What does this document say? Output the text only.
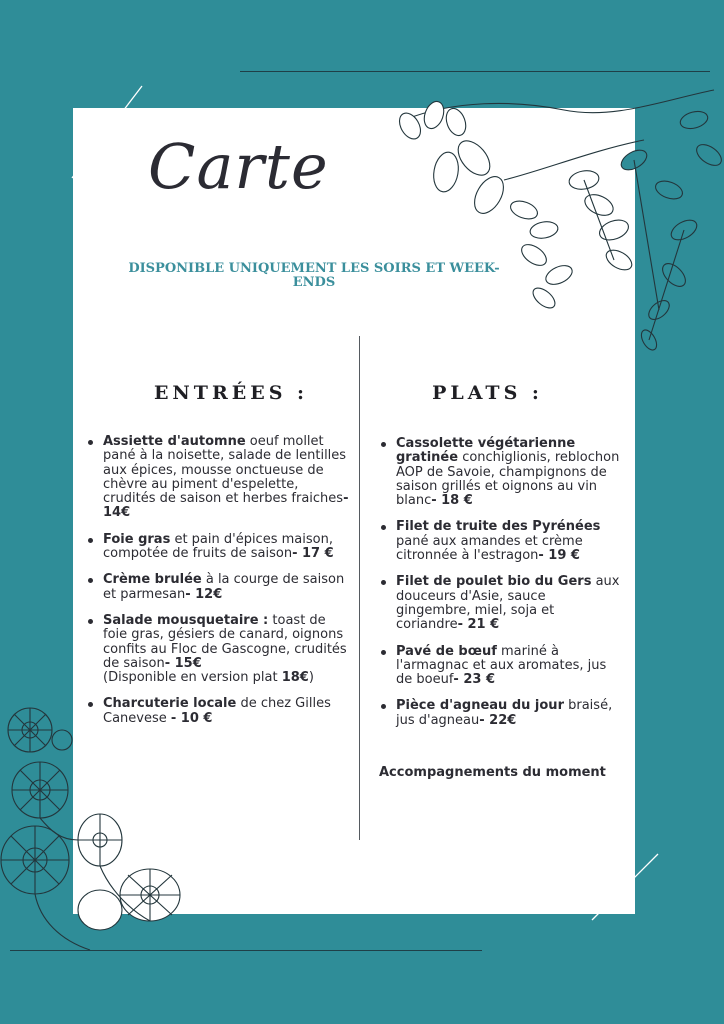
Carte

DISPONIBLE UNIQUEMENT LES SOIRS ET WEEK-ENDS

ENTRÉES :
Assiette d'automne oeuf mollet pané à la noisette, salade de lentilles aux épices, mousse onctueuse de chèvre au piment d'espelette, crudités de saison et herbes fraiches- 14€
Foie gras et pain d'épices maison, compotée de fruits de saison- 17 €
Crème brulée à la courge de saison et parmesan- 12€
Salade mousquetaire : toast de foie gras, gésiers de canard, oignons confits au Floc de Gascogne, crudités de saison- 15€
(Disponible en version plat 18€)
Charcuterie locale de chez Gilles Canevese - 10 €
PLATS :
Cassolette végétarienne gratinée conchiglionis, reblochon AOP de Savoie, champignons de saison grillés et oignons au vin blanc- 18 €
Filet de truite des Pyrénées pané aux amandes et crème citronnée à l'estragon- 19 €
Filet de poulet bio du Gers aux douceurs d'Asie, sauce gingembre, miel, soja et coriandre- 21 €
Pavé de bœuf mariné à l'armagnac et aux aromates, jus de boeuf- 23 €
Pièce d'agneau du jour braisé, jus d'agneau- 22€

Accompagnements du moment
